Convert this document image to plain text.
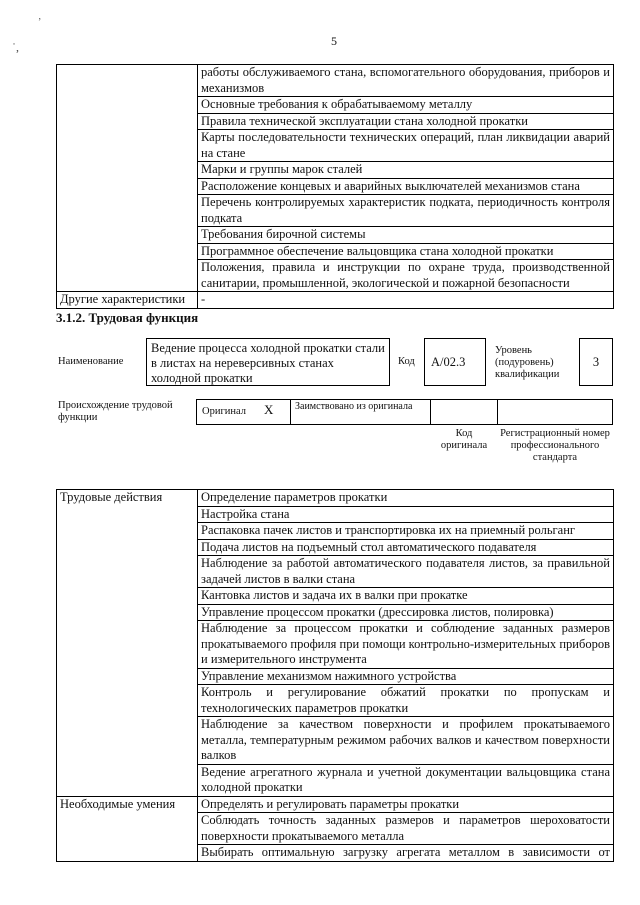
’
˙,	5
	работы обслуживаемого стана, вспомогательного оборудования, приборов и механизмов
	Основные требования к обрабатываемому металлу
	Правила технической эксплуатации стана холодной прокатки
	Карты последовательности технических операций, план ликвидации аварий на стане
	Марки и группы марок сталей
	Расположение концевых и аварийных выключателей механизмов стана
	Перечень контролируемых характеристик подката, периодичность контроля подката
	Требования бирочной системы
	Программное обеспечение вальцовщика стана холодной прокатки
	Положения, правила и инструкции по охране труда, производственной санитарии, промышленной, экологической и пожарной безопасности
Другие характеристики	-
3.1.2. Трудовая функция
Наименование
Ведение процесса холодной прокатки стали в листах на нереверсивных станах холодной прокатки
Код	А/02.3
Уровень (подуровень) квалификации
3
Происхождение трудовой функции
Оригинал X	Заимствовано из оригинала
Код оригинала
Регистрационный номер профессионального стандарта
Трудовые действия	Определение параметров прокатки
	Настройка стана
	Распаковка пачек листов и транспортировка их на приемный рольганг
	Подача листов на подъемный стол автоматического подавателя
	Наблюдение за работой автоматического подавателя листов, за правильной задачей листов в валки стана
	Кантовка листов и задача их в валки при прокатке
	Управление процессом прокатки (дрессировка листов, полировка)
	Наблюдение за процессом прокатки и соблюдение заданных размеров прокатываемого профиля при помощи контрольно-измерительных приборов и измерительного инструмента
	Управление механизмом нажимного устройства
	Контроль и регулирование обжатий прокатки по пропускам и технологических параметров прокатки
	Наблюдение за качеством поверхности и профилем прокатываемого металла, температурным режимом рабочих валков и качеством поверхности валков
	Ведение агрегатного журнала и учетной документации вальцовщика стана холодной прокатки
Необходимые умения	Определять и регулировать параметры прокатки
	Соблюдать точность заданных размеров и параметров шероховатости поверхности прокатываемого металла
	Выбирать оптимальную загрузку агрегата металлом в зависимости от
